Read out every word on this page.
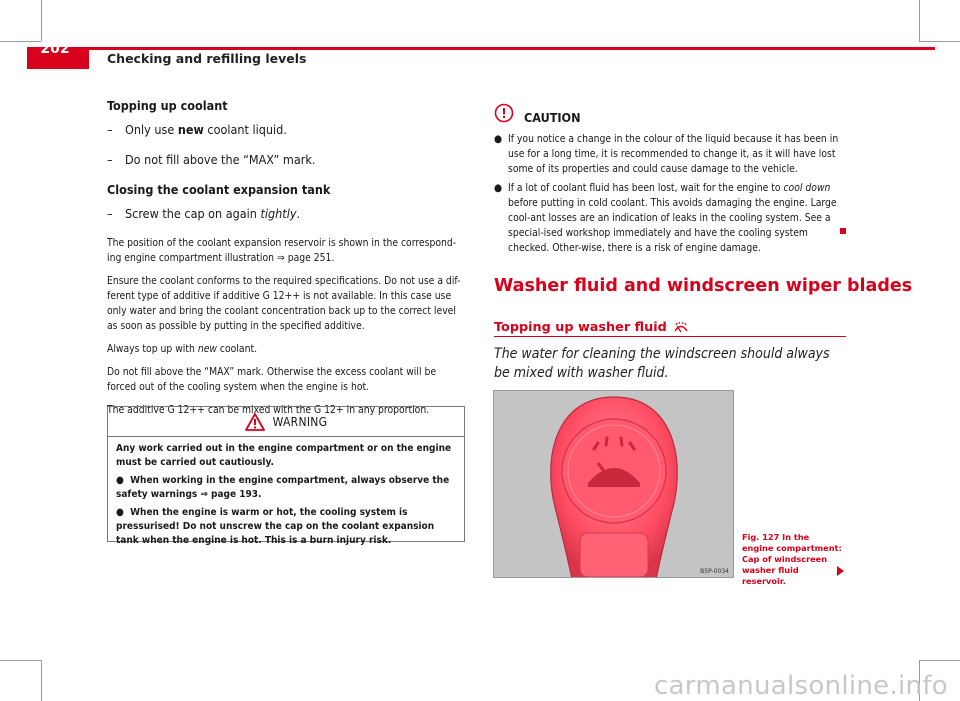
202
Checking and refilling levels
Topping up coolant
– Only use new coolant liquid.
– Do not fill above the “MAX” mark.
Closing the coolant expansion tank
– Screw the cap on again tightly.

The position of the coolant expansion reservoir is shown in the correspond-ing engine compartment illustration ⇒ page 251.

Ensure the coolant conforms to the required specifications. Do not use a dif-ferent type of additive if additive G 12++ is not available. In this case use only water and bring the coolant concentration back up to the correct level as soon as possible by putting in the specified additive.

Always top up with new coolant.

Do not fill above the “MAX” mark. Otherwise the excess coolant will be forced out of the cooling system when the engine is hot.

The additive G 12++ can be mixed with the G 12+ in any proportion.

WARNING

Any work carried out in the engine compartment or on the engine must be carried out cautiously.

● When working in the engine compartment, always observe the safety warnings ⇒ page 193.

● When the engine is warm or hot, the cooling system is pressurised! Do not unscrew the cap on the coolant expansion tank when the engine is hot. This is a burn injury risk.

CAUTION
● If you notice a change in the colour of the liquid because it has been in use for a long time, it is recommended to change it, as it will have lost some of its properties and could cause damage to the vehicle.
● If a lot of coolant fluid has been lost, wait for the engine to cool down before putting in cold coolant. This avoids damaging the engine. Large cool-ant losses are an indication of leaks in the cooling system. See a special-ised workshop immediately and have the cooling system checked. Other-wise, there is a risk of engine damage.
Washer fluid and windscreen wiper blades
Topping up washer fluid
The water for cleaning the windscreen should always be mixed with washer fluid.
B5P-0034
Fig. 127 In the engine compartment: Cap of windscreen washer fluid reservoir.
carmanualsonline.info
